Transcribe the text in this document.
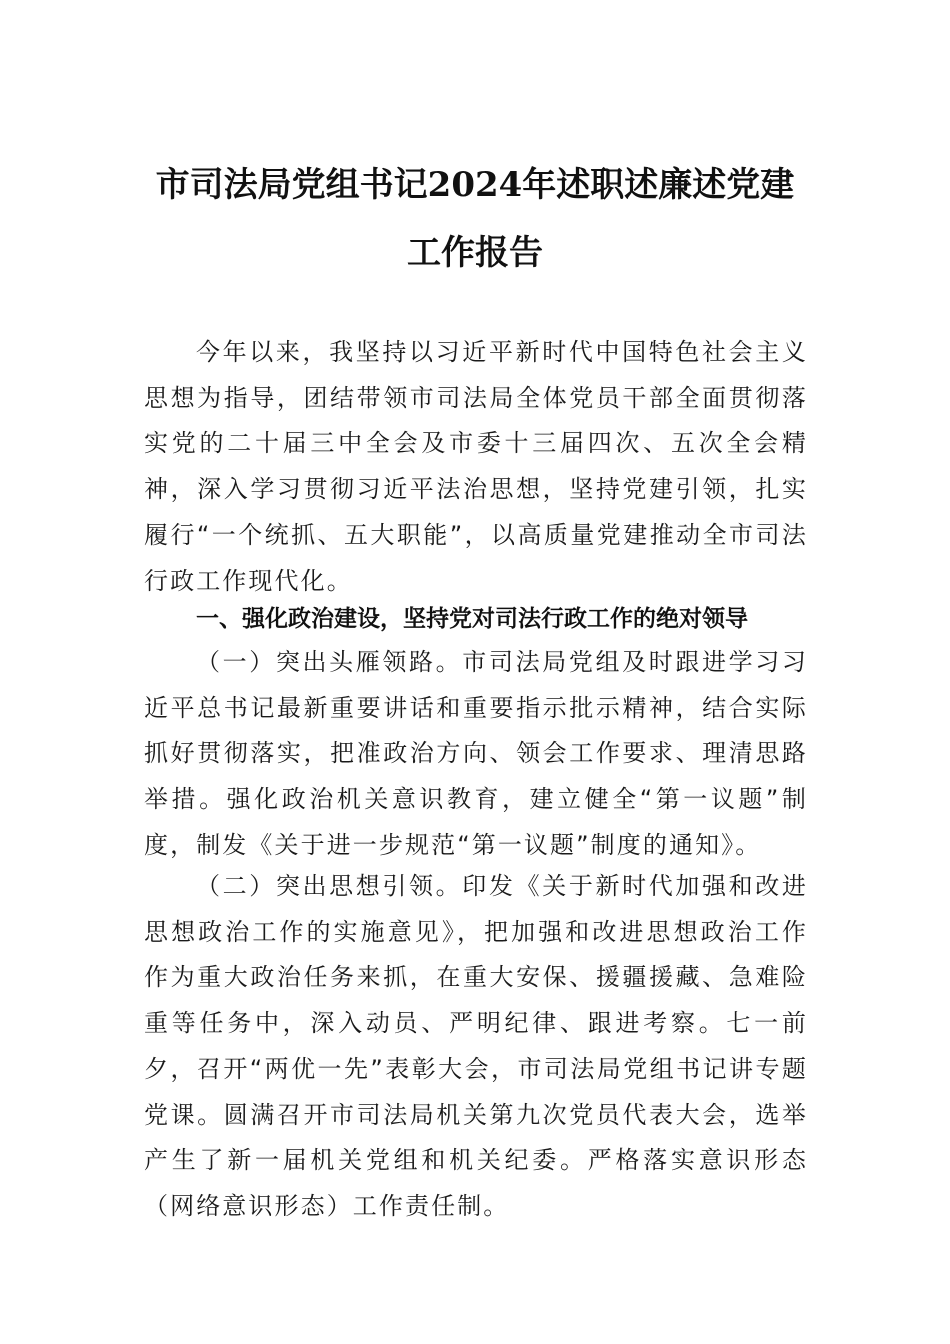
市司法局党组书记2024年述职述廉述党建
工作报告

今年以来，我坚持以习近平新时代中国特色社会主义思想为指导，团结带领市司法局全体党员干部全面贯彻落实党的二十届三中全会及市委十三届四次、五次全会精神，深入学习贯彻习近平法治思想，坚持党建引领，扎实履行“一个统抓、五大职能”，以高质量党建推动全市司法行政工作现代化。

一、强化政治建设，坚持党对司法行政工作的绝对领导

（一）突出头雁领路。市司法局党组及时跟进学习习近平总书记最新重要讲话和重要指示批示精神，结合实际抓好贯彻落实，把准政治方向、领会工作要求、理清思路举措。强化政治机关意识教育，建立健全“第一议题”制度，制发《关于进一步规范“第一议题”制度的通知》。

（二）突出思想引领。印发《关于新时代加强和改进思想政治工作的实施意见》，把加强和改进思想政治工作作为重大政治任务来抓，在重大安保、援疆援藏、急难险重等任务中，深入动员、严明纪律、跟进考察。七一前夕，召开“两优一先”表彰大会，市司法局党组书记讲专题党课。圆满召开市司法局机关第九次党员代表大会，选举产生了新一届机关党组和机关纪委。严格落实意识形态（网络意识形态）工作责任制。
